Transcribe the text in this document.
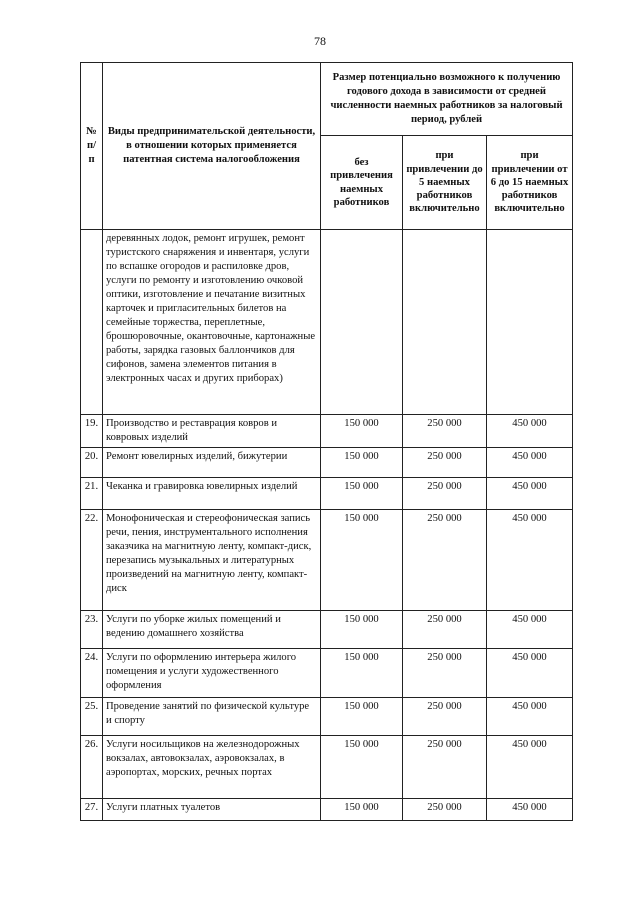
78
№ п/п	Виды предпринимательской деятельности, в отношении которых применяется патентная система налогообложения	Размер потенциально возможного к получению годового дохода в зависимости от средней численности наемных работников за налоговый период, рублей		
		без привлечения наемных работников	при привлечении до 5 наемных работников включительно	при привлечении от 6 до 15 наемных работников включительно
	деревянных лодок, ремонт игрушек, ремонт туристского снаряжения и инвентаря, услуги по вспашке огородов и распиловке дров, услуги по ремонту и изготовлению очковой оптики, изготовление и печатание визитных карточек и пригласительных билетов на семейные торжества, переплетные, брошюровочные, окантовочные, картонажные работы, зарядка газовых баллончиков для сифонов, замена элементов питания в электронных часах и других приборах)			
19.	Производство и реставрация ковров и ковровых изделий	150 000	250 000	450 000
20.	Ремонт ювелирных изделий, бижутерии	150 000	250 000	450 000
21.	Чеканка и гравировка ювелирных изделий	150 000	250 000	450 000
22.	Монофоническая и стереофоническая запись речи, пения, инструментального исполнения заказчика на магнитную ленту, компакт-диск, перезапись музыкальных и литературных произведений на магнитную ленту, компакт-диск	150 000	250 000	450 000
23.	Услуги по уборке жилых помещений и ведению домашнего хозяйства	150 000	250 000	450 000
24.	Услуги по оформлению интерьера жилого помещения и услуги художественного оформления	150 000	250 000	450 000
25.	Проведение занятий по физической культуре и спорту	150 000	250 000	450 000
26.	Услуги носильщиков на железнодорожных вокзалах, автовокзалах, аэровокзалах, в аэропортах, морских, речных портах	150 000	250 000	450 000
27.	Услуги платных туалетов	150 000	250 000	450 000
